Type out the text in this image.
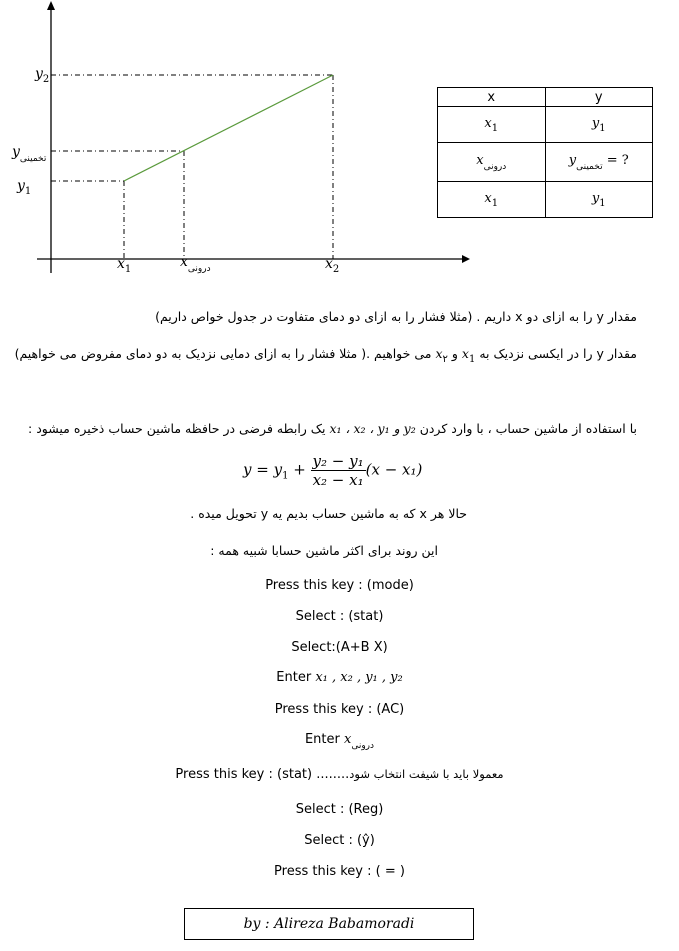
$y_2$
$y_{تخمینی}$
$y_1$
$x_1$	$x_{درونی}$	$x_2$
x	y
$x_1$	$y_1$
$x_{درونی}$	$y_{تخمینی}$ = ?
$x_1$	$y_1$
مقدار y را به ازای دو x داریم . (مثلا فشار را به ازای دو دمای متفاوت در جدول خواص داریم)
مقدار y را در ایکسی نزدیک به $x_1$ و $x_۲$ می خواهیم .( مثلا فشار را به ازای دمایی نزدیک به دو دمای مفروض می خواهیم)
با استفاده از ماشین حساب ، با وارد کردن x₁ ، x₂ ، y₁ و y₂ یک رابطه فرضی در حافظه ماشین حساب ذخیره میشود :
$y = y_1 + \frac{\text{y₂ − y₁}}{\text{x₂ − x₁}} (x - x_1)$
حالا هر x که به ماشین حساب بدیم یه y تحویل میده .
این روند برای اکثر ماشین حسابا شبیه همه :
Press this key : (mode)
Select : (stat)
Select:(A+B X)
Enter x₁ , x₂ , y₁ , y₂
Press this key : (AC)
Enter $x_{درونی}$
Press this key : (stat) ........معمولا باید با شیفت انتخاب شود
Select : (Reg)
Select : (ŷ)
Press this key : ( = )
by : Alireza Babamoradi
